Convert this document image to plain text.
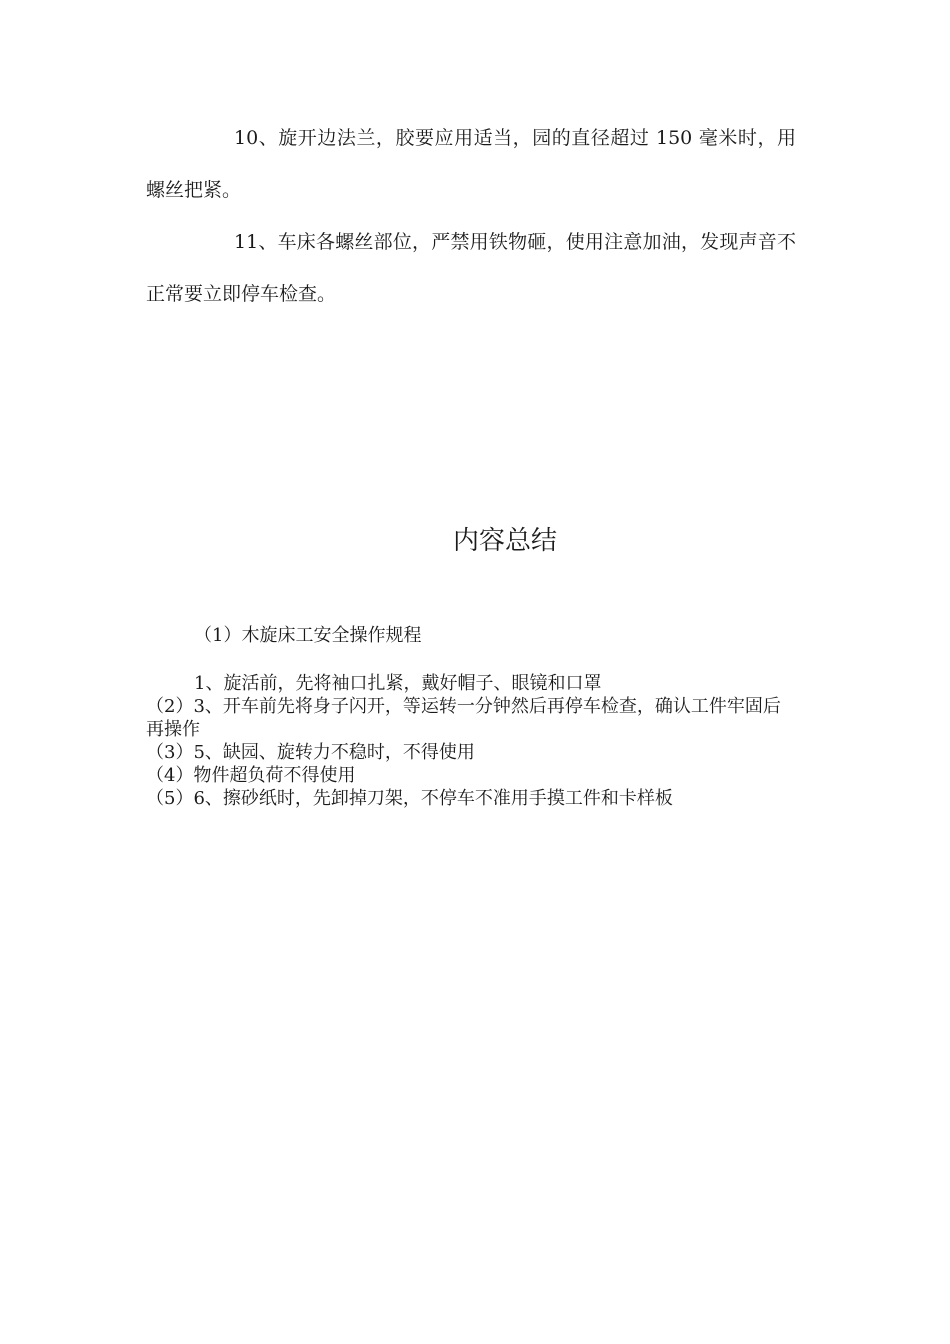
10、旋开边法兰，胶要应用适当，园的直径超过 150 毫米时，用螺丝把紧。

11、车床各螺丝部位，严禁用铁物砸，使用注意加油，发现声音不正常要立即停车检查。

内容总结

（1）木旋床工安全操作规程

1、旋活前，先将袖口扎紧，戴好帽子、眼镜和口罩
（2）3、开车前先将身子闪开，等运转一分钟然后再停车检查，确认工件牢固后再操作
（3）5、缺园、旋转力不稳时，不得使用
（4）物件超负荷不得使用
（5）6、擦砂纸时，先卸掉刀架，不停车不准用手摸工件和卡样板
